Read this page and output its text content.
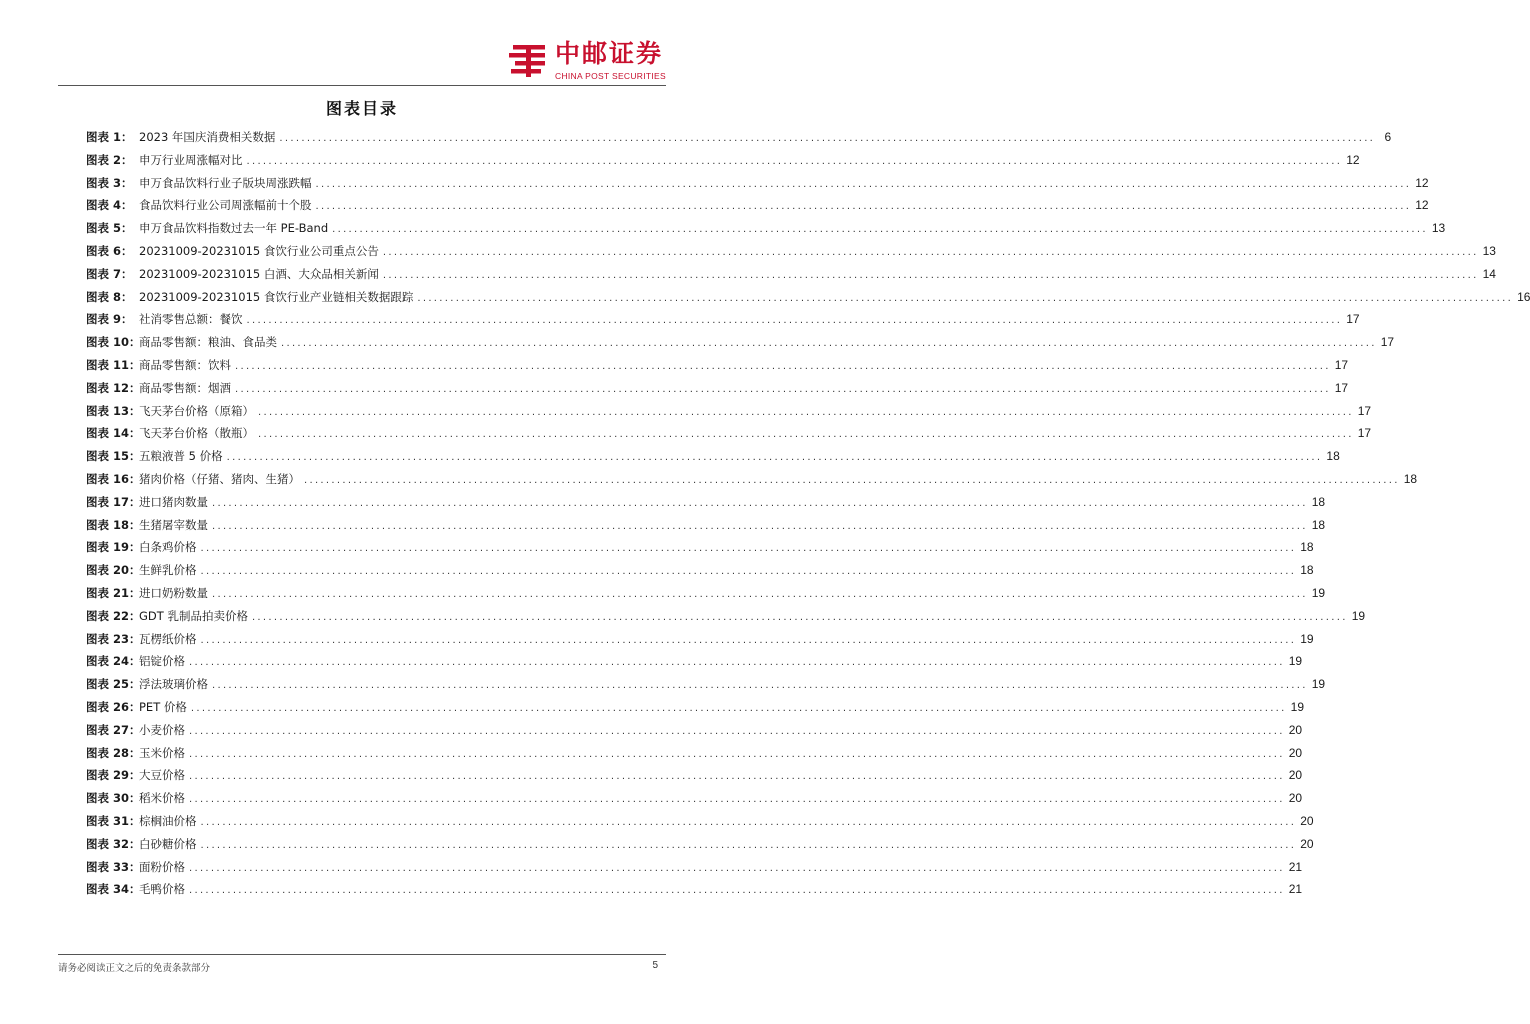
中邮证券
CHINA POST SECURITIES
图表目录
图表 1： 2023 年国庆消费相关数据 ........................................................................................................................................................................................................ 6
图表 2： 申万行业周涨幅对比 ........................................................................................................................................................................................................ 12
图表 3： 申万食品饮料行业子版块周涨跌幅 ........................................................................................................................................................................................................ 12
图表 4： 食品饮料行业公司周涨幅前十个股 ........................................................................................................................................................................................................ 12
图表 5： 申万食品饮料指数过去一年 PE-Band ........................................................................................................................................................................................................ 13
图表 6： 20231009-20231015 食饮行业公司重点公告 ........................................................................................................................................................................................................ 13
图表 7： 20231009-20231015 白酒、大众品相关新闻 ........................................................................................................................................................................................................ 14
图表 8： 20231009-20231015 食饮行业产业链相关数据跟踪 ........................................................................................................................................................................................................ 16
图表 9： 社消零售总额：餐饮 ........................................................................................................................................................................................................ 17
图表 10：
商品零售额：粮油、食品类 ........................................................................................................................................................................................................ 17
图表 11：
商品零售额：饮料 ........................................................................................................................................................................................................ 17
图表 12：
商品零售额：烟酒 ........................................................................................................................................................................................................ 17
图表 13：
飞天茅台价格（原箱） ........................................................................................................................................................................................................ 17
图表 14：
飞天茅台价格（散瓶） ........................................................................................................................................................................................................ 17
图表 15：
五粮液普 5 价格 ........................................................................................................................................................................................................ 18
图表 16：
猪肉价格（仔猪、猪肉、生猪） ........................................................................................................................................................................................................ 18
图表 17：
进口猪肉数量 ........................................................................................................................................................................................................ 18
图表 18：
生猪屠宰数量 ........................................................................................................................................................................................................ 18
图表 19：
白条鸡价格 ........................................................................................................................................................................................................ 18
图表 20：
生鲜乳价格 ........................................................................................................................................................................................................ 18
图表 21：
进口奶粉数量 ........................................................................................................................................................................................................ 19
图表 22：
GDT 乳制品拍卖价格 ........................................................................................................................................................................................................ 19
图表 23：
瓦楞纸价格 ........................................................................................................................................................................................................ 19
图表 24：
铝锭价格 ........................................................................................................................................................................................................ 19
图表 25：
浮法玻璃价格 ........................................................................................................................................................................................................ 19
图表 26：
PET 价格 ........................................................................................................................................................................................................ 19
图表 27：
小麦价格 ........................................................................................................................................................................................................ 20
图表 28：
玉米价格 ........................................................................................................................................................................................................ 20
图表 29：
大豆价格 ........................................................................................................................................................................................................ 20
图表 30：
稻米价格 ........................................................................................................................................................................................................ 20
图表 31：
棕榈油价格 ........................................................................................................................................................................................................ 20
图表 32：
白砂糖价格 ........................................................................................................................................................................................................ 20
图表 33：
面粉价格 ........................................................................................................................................................................................................ 21
图表 34：
毛鸭价格 ........................................................................................................................................................................................................ 21
请务必阅读正文之后的免责条款部分	5
